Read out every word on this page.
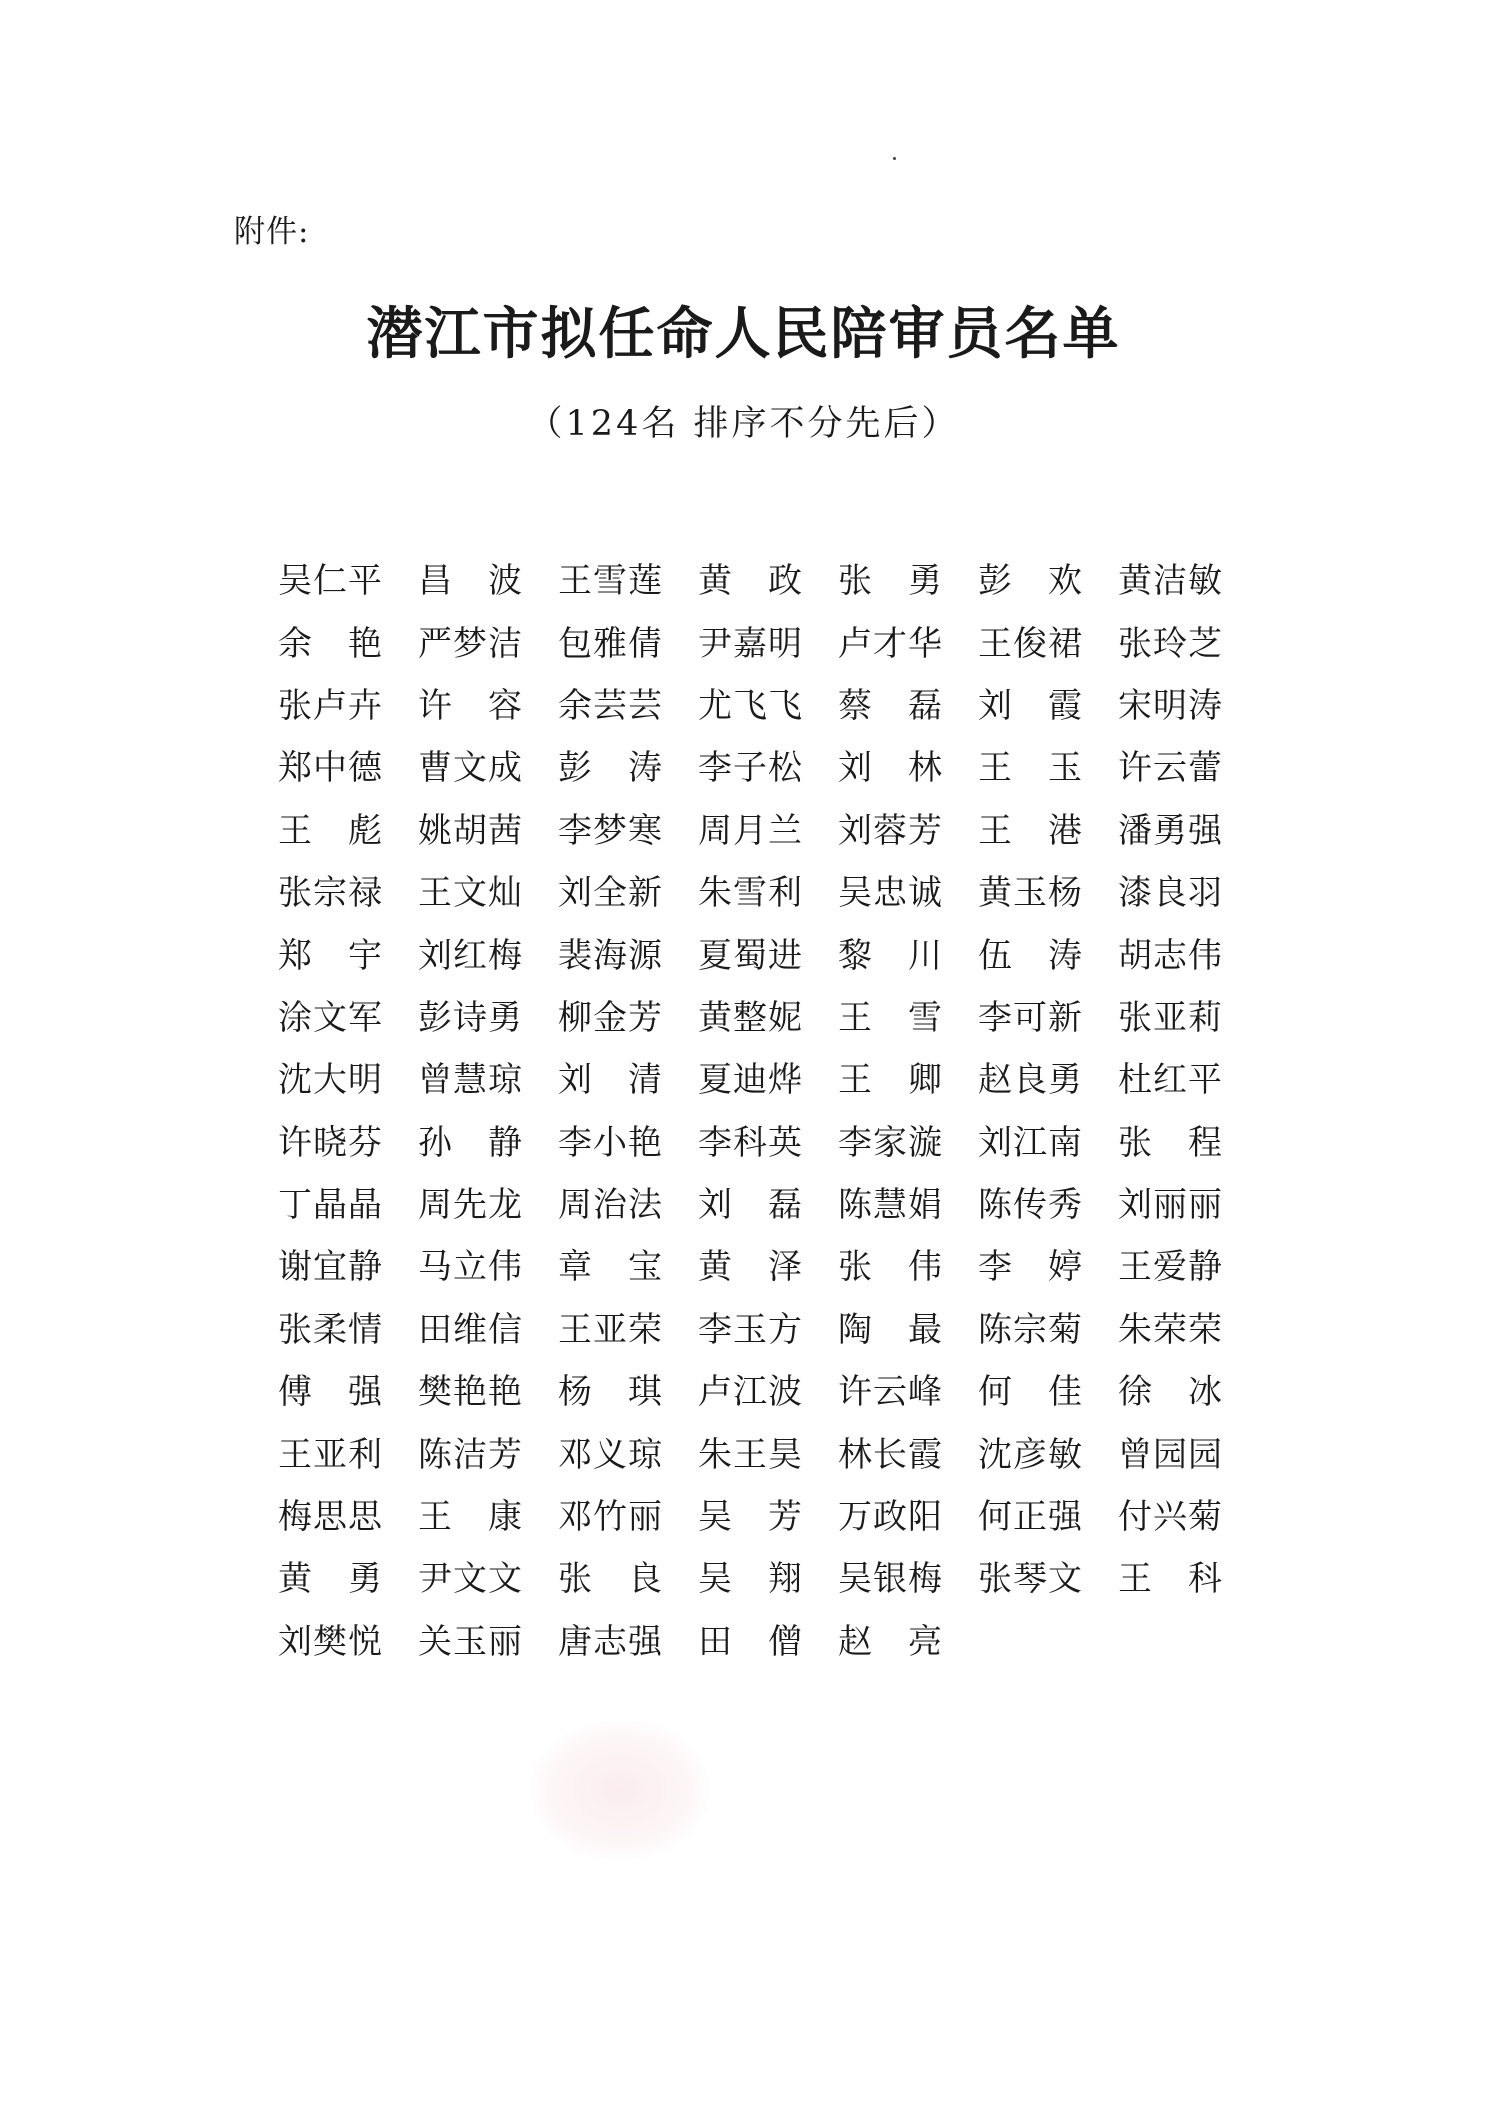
附件:
潜江市拟任命人民陪审员名单
（124名 排序不分先后）
吴 仁 平 昌 波 王 雪 莲 黄 政 张 勇 彭 欢 黄 洁 敏
余 艳 严 梦 洁 包 雅 倩 尹 嘉 明 卢 才 华 王 俊 裙 张 玲 芝
张 卢 卉 许 容 余 芸 芸 尤 飞 飞 蔡 磊 刘 霞 宋 明 涛
郑 中 德 曹 文 成 彭 涛 李 子 松 刘 林 王 玉 许 云 蕾
王 彪 姚 胡 茜 李 梦 寒 周 月 兰 刘 蓉 芳 王 港 潘 勇 强
张 宗 禄 王 文 灿 刘 全 新 朱 雪 利 吴 忠 诚 黄 玉 杨 漆 良 羽
郑 宇 刘 红 梅 裴 海 源 夏 蜀 进 黎 川 伍 涛 胡 志 伟
涂 文 军 彭 诗 勇 柳 金 芳 黄 整 妮 王 雪 李 可 新 张 亚 莉
沈 大 明 曾 慧 琼 刘 清 夏 迪 烨 王 卿 赵 良 勇 杜 红 平
许 晓 芬 孙 静 李 小 艳 李 科 英 李 家 漩 刘 江 南 张 程
丁 晶 晶 周 先 龙 周 治 法 刘 磊 陈 慧 娟 陈 传 秀 刘 丽 丽
谢 宜 静 马 立 伟 章 宝 黄 泽 张 伟 李 婷 王 爱 静
张 柔 情 田 维 信 王 亚 荣 李 玉 方 陶 最 陈 宗 菊 朱 荣 荣
傅 强 樊 艳 艳 杨 琪 卢 江 波 许 云 峰 何 佳 徐 冰
王 亚 利 陈 洁 芳 邓 义 琼 朱 王 昊 林 长 霞 沈 彦 敏 曾 园 园
梅 思 思 王 康 邓 竹 丽 吴 芳 万 政 阳 何 正 强 付 兴 菊
黄 勇 尹 文 文 张 良 吴 翔 吴 银 梅 张 琴 文 王 科
刘 樊 悦 关 玉 丽 唐 志 强 田 僧 赵 亮
